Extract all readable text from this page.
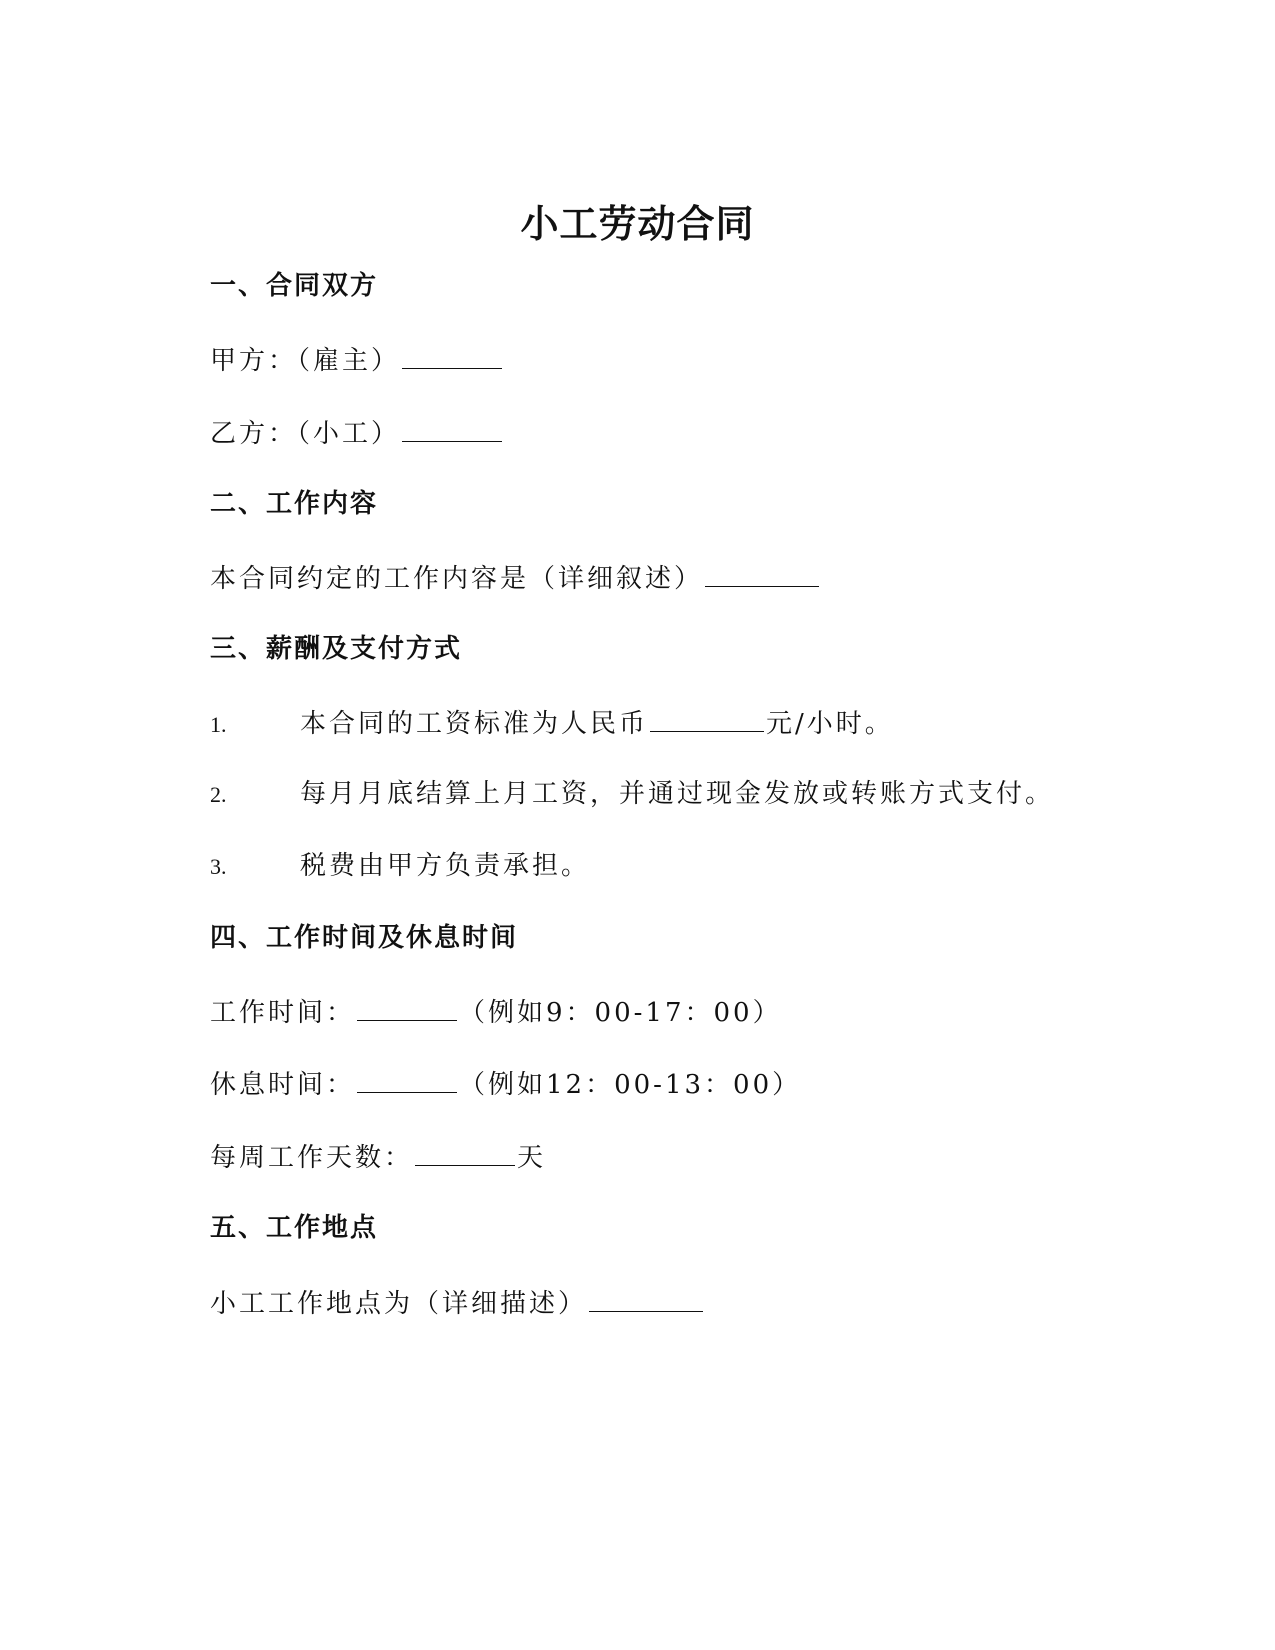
小工劳动合同
一、合同双方
甲方：（雇主）
乙方：（小工）
二、工作内容
本合同约定的工作内容是（详细叙述）
三、薪酬及支付方式
1.	本合同的工资标准为人民币	元/小时。
2.	每月月底结算上月工资，并通过现金发放或转账方式支付。
3.	税费由甲方负责承担。
四、工作时间及休息时间
工作时间：	（例如9：00-17：00）
休息时间：	（例如12：00-13：00）
每周工作天数：	天
五、工作地点
小工工作地点为（详细描述）
